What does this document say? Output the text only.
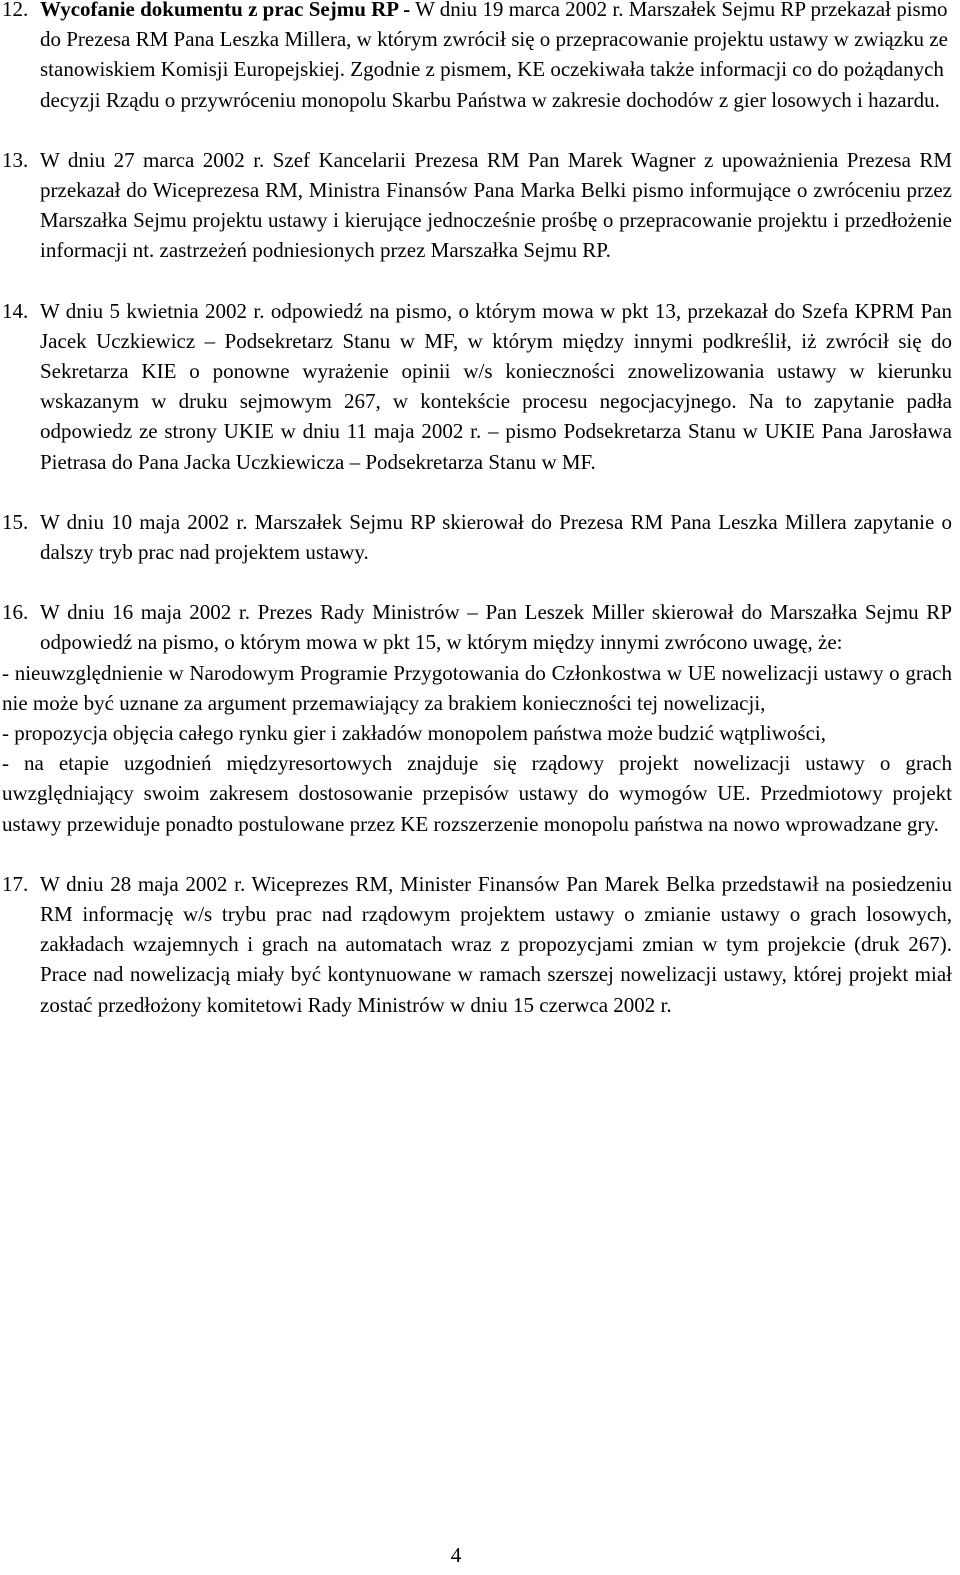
12. Wycofanie dokumentu z prac Sejmu RP - W dniu 19 marca 2002 r. Marszałek Sejmu RP przekazał pismo do Prezesa RM Pana Leszka Millera, w którym zwrócił się o przepracowanie projektu ustawy w związku ze stanowiskiem Komisji Europejskiej. Zgodnie z pismem, KE oczekiwała także informacji co do pożądanych decyzji Rządu o przywróceniu monopolu Skarbu Państwa w zakresie dochodów z gier losowych i hazardu.

13. W dniu 27 marca 2002 r. Szef Kancelarii Prezesa RM Pan Marek Wagner z upoważnienia Prezesa RM przekazał do Wiceprezesa RM, Ministra Finansów Pana Marka Belki pismo informujące o zwróceniu przez Marszałka Sejmu projektu ustawy i kierujące jednocześnie prośbę o przepracowanie projektu i przedłożenie informacji nt. zastrzeżeń podniesionych przez Marszałka Sejmu RP.

14. W dniu 5 kwietnia 2002 r. odpowiedź na pismo, o którym mowa w pkt 13, przekazał do Szefa KPRM Pan Jacek Uczkiewicz – Podsekretarz Stanu w MF, w którym między innymi podkreślił, iż zwrócił się do Sekretarza KIE o ponowne wyrażenie opinii w/s konieczności znowelizowania ustawy w kierunku wskazanym w druku sejmowym 267, w kontekście procesu negocjacyjnego. Na to zapytanie padła odpowiedz ze strony UKIE w dniu 11 maja 2002 r. – pismo Podsekretarza Stanu w UKIE Pana Jarosława Pietrasa do Pana Jacka Uczkiewicza – Podsekretarza Stanu w MF.

15. W dniu 10 maja 2002 r. Marszałek Sejmu RP skierował do Prezesa RM Pana Leszka Millera zapytanie o dalszy tryb prac nad projektem ustawy.

16. W dniu 16 maja 2002 r. Prezes Rady Ministrów – Pan Leszek Miller skierował do Marszałka Sejmu RP odpowiedź na pismo, o którym mowa w pkt 15, w którym między innymi zwrócono uwagę, że:

- nieuwzględnienie w Narodowym Programie Przygotowania do Członkostwa w UE nowelizacji ustawy o grach nie może być uznane za argument przemawiający za brakiem konieczności tej nowelizacji,

- propozycja objęcia całego rynku gier i zakładów monopolem państwa może budzić wątpliwości,

- na etapie uzgodnień międzyresortowych znajduje się rządowy projekt nowelizacji ustawy o grach uwzględniający swoim zakresem dostosowanie przepisów ustawy do wymogów UE. Przedmiotowy projekt ustawy przewiduje ponadto postulowane przez KE rozszerzenie monopolu państwa na nowo wprowadzane gry.

17. W dniu 28 maja 2002 r. Wiceprezes RM, Minister Finansów Pan Marek Belka przedstawił na posiedzeniu RM informację w/s trybu prac nad rządowym projektem ustawy o zmianie ustawy o grach losowych, zakładach wzajemnych i grach na automatach wraz z propozycjami zmian w tym projekcie (druk 267). Prace nad nowelizacją miały być kontynuowane w ramach szerszej nowelizacji ustawy, której projekt miał zostać przedłożony komitetowi Rady Ministrów w dniu 15 czerwca 2002 r.

4
